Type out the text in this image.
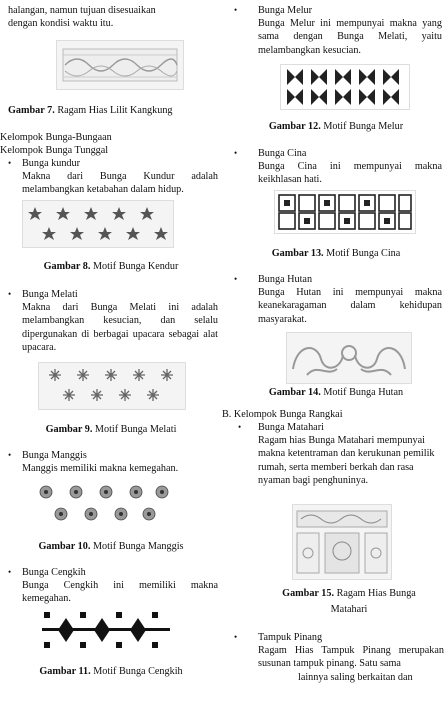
halangan, namun tujuan disesuaikan
dengan kondisi waktu itu.
Gambar 7. Ragam Hias Lilit Kangkung
Kelompok Bunga-Bungaan
Kelompok Bunga Tunggal
• Bunga kundur
Makna dari Bunga Kundur adalah melambangkan ketabahan dalam hidup.
Gambar 8. Motif Bunga Kendur
• Bunga Melati
Makna dari Bunga Melati ini adalah melambangkan kesucian, dan selalu dipergunakan di berbagai upacara sebagai alat upacara.
Gambar 9. Motif Bunga Melati
• Bunga Manggis
Manggis memiliki makna kemegahan.
Gambar 10. Motif Bunga Manggis
• Bunga Cengkih
Bunga Cengkih ini memiliki makna kemegahan.
Gambar 11. Motif Bunga Cengkih
• Bunga Melur
Bunga Melur ini mempunyai makna yang sama dengan Bunga Melati, yaitu melambangkan kesucian.
Gambar 12. Motif Bunga Melur
• Bunga Cina
Bunga Cina ini mempunyai makna keikhlasan hati.
Gambar 13. Motif Bunga Cina
• Bunga Hutan
Bunga Hutan ini mempunyai makna keanekaragaman dalam kehidupan masyarakat.
Gambar 14. Motif Bunga Hutan
B. Kelompok Bunga Rangkai
• Bunga Matahari
Ragam hias Bunga Matahari mempunyai makna ketentraman dan kerukunan pemilik rumah, serta memberi berkah dan rasa nyaman bagi penghuninya.
Gambar 15. Ragam Hias Bunga
Matahari
• Tampuk Pinang
Ragam Hias Tampuk Pinang merupakan susunan tampuk pinang. Satu sama
lainnya saling berkaitan dan
